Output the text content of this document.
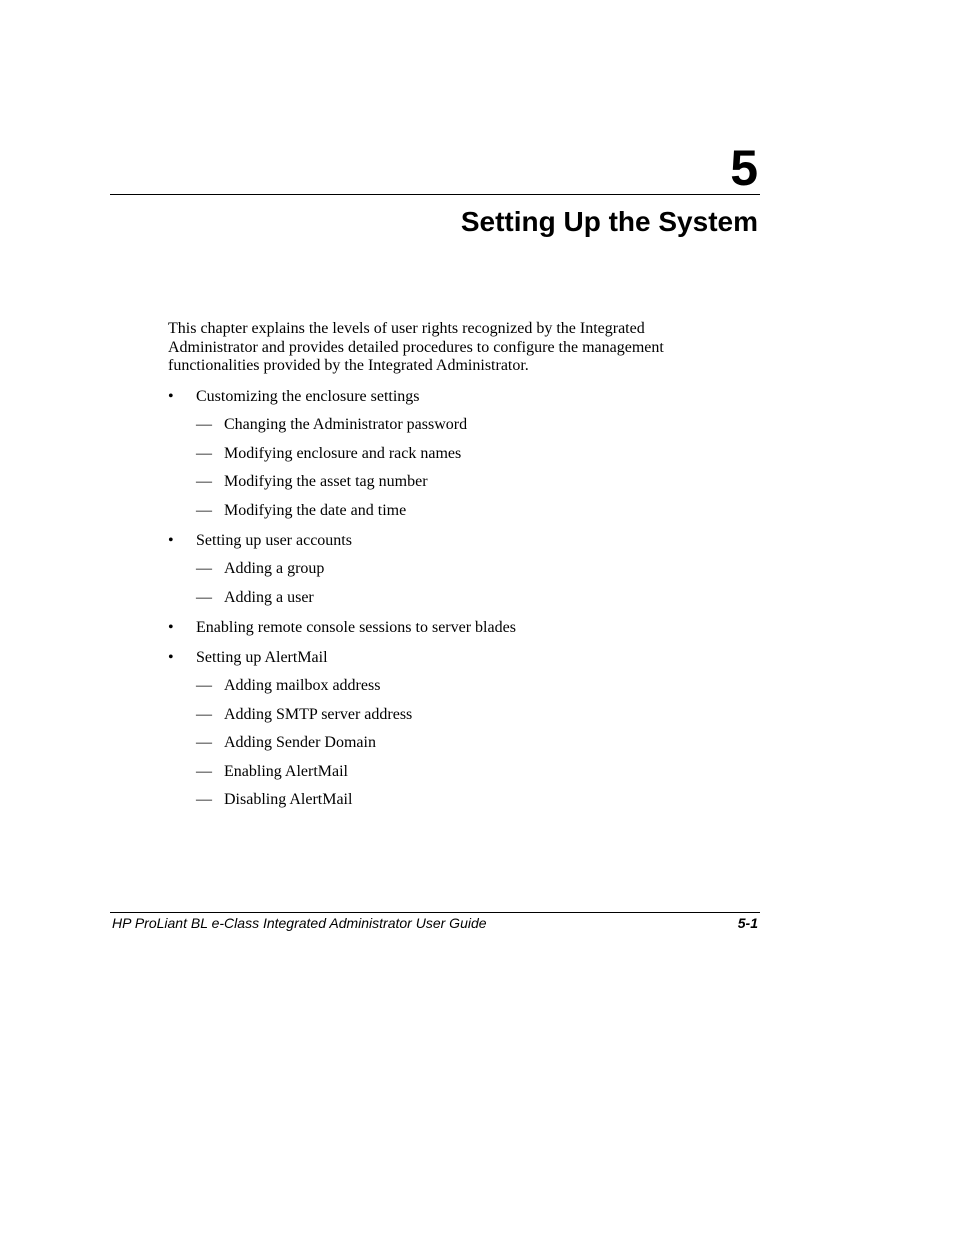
5
Setting Up the System

This chapter explains the levels of user rights recognized by the Integrated Administrator and provides detailed procedures to configure the management functionalities provided by the Integrated Administrator.

• Customizing the enclosure settings
— Changing the Administrator password
— Modifying enclosure and rack names
— Modifying the asset tag number
— Modifying the date and time
• Setting up user accounts
— Adding a group
— Adding a user
• Enabling remote console sessions to server blades
• Setting up AlertMail
— Adding mailbox address
— Adding SMTP server address
— Adding Sender Domain
— Enabling AlertMail
— Disabling AlertMail
HP ProLiant BL e-Class Integrated Administrator User Guide	5-1
